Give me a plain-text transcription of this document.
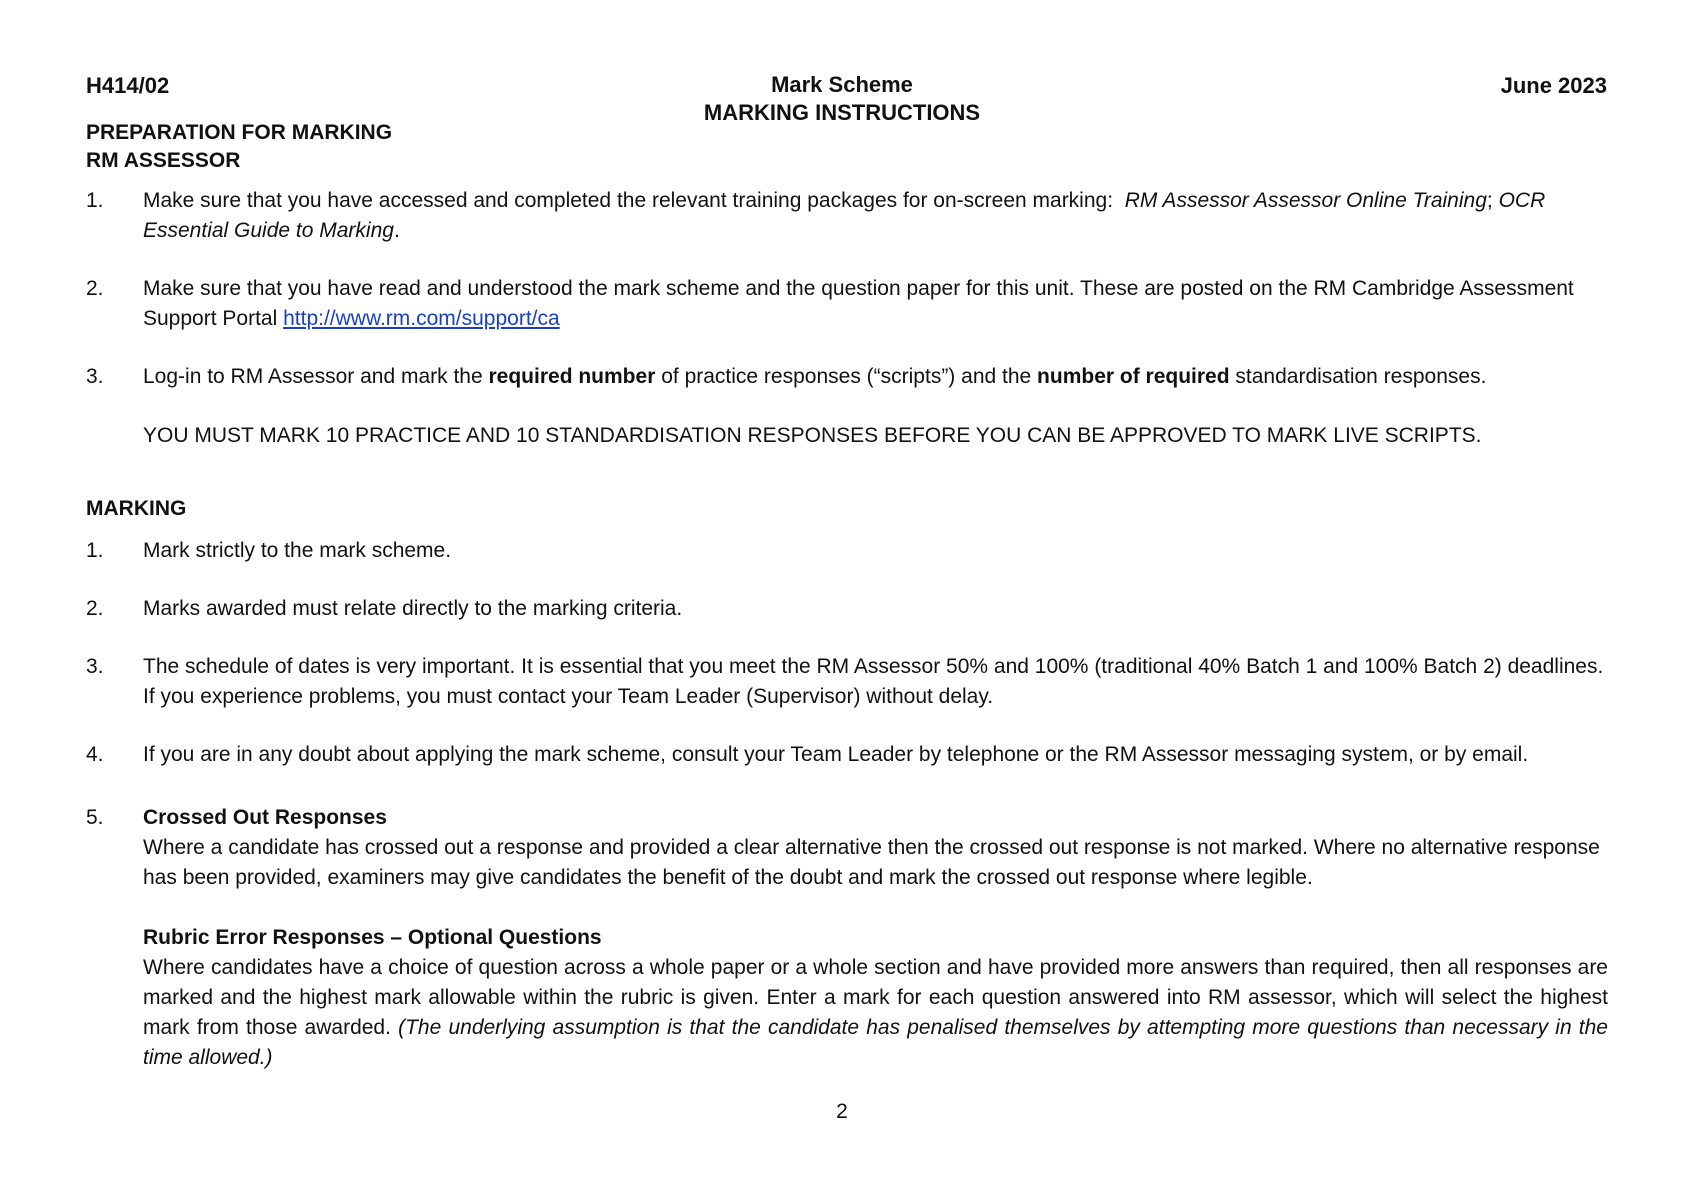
H414/02	Mark Scheme
MARKING INSTRUCTIONS
June 2023
PREPARATION FOR MARKING
RM ASSESSOR
1. Make sure that you have accessed and completed the relevant training packages for on-screen marking: RM Assessor Assessor Online Training; OCR Essential Guide to Marking.
2. Make sure that you have read and understood the mark scheme and the question paper for this unit. These are posted on the RM Cambridge Assessment Support Portal http://www.rm.com/support/ca
3. Log-in to RM Assessor and mark the required number of practice responses (“scripts”) and the number of required standardisation responses.
YOU MUST MARK 10 PRACTICE AND 10 STANDARDISATION RESPONSES BEFORE YOU CAN BE APPROVED TO MARK LIVE SCRIPTS.
MARKING
1. Mark strictly to the mark scheme.
2. Marks awarded must relate directly to the marking criteria.
3. The schedule of dates is very important. It is essential that you meet the RM Assessor 50% and 100% (traditional 40% Batch 1 and 100% Batch 2) deadlines. If you experience problems, you must contact your Team Leader (Supervisor) without delay.
4. If you are in any doubt about applying the mark scheme, consult your Team Leader by telephone or the RM Assessor messaging system, or by email.
5. Crossed Out Responses
Where a candidate has crossed out a response and provided a clear alternative then the crossed out response is not marked. Where no alternative response has been provided, examiners may give candidates the benefit of the doubt and mark the crossed out response where legible.
Rubric Error Responses – Optional Questions
Where candidates have a choice of question across a whole paper or a whole section and have provided more answers than required, then all responses are marked and the highest mark allowable within the rubric is given. Enter a mark for each question answered into RM assessor, which will select the highest mark from those awarded. (The underlying assumption is that the candidate has penalised themselves by attempting more questions than necessary in the time allowed.)
2
